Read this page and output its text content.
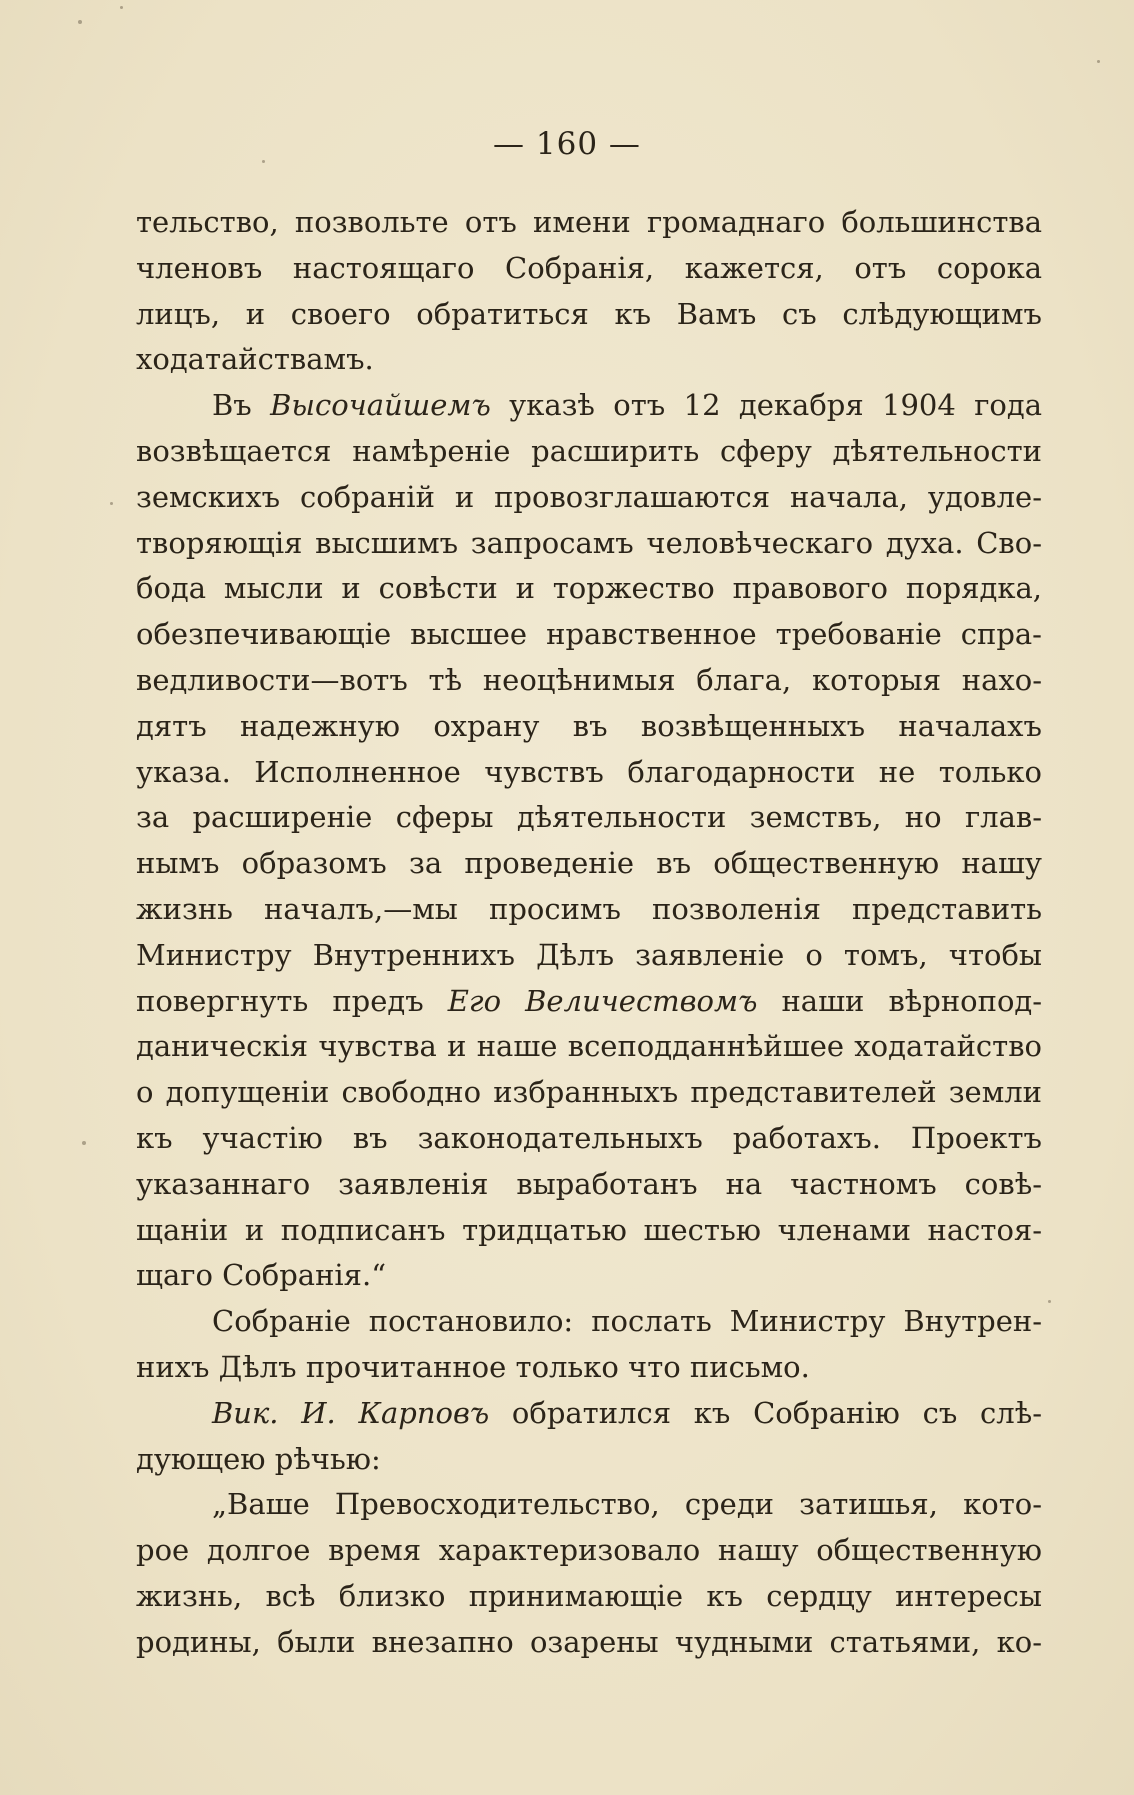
— 160 —
тельство, позвольте отъ имени громаднаго большинства
членовъ настоящаго Собранія, кажется, отъ сорока
лицъ, и своего обратиться къ Вамъ съ слѣдующимъ
ходатайствамъ.
Въ Высочайшемъ указѣ отъ 12 декабря 1904 года
возвѣщается намѣреніе расширить сферу дѣятельности
земскихъ собраній и провозглашаются начала, удовле-
творяющія высшимъ запросамъ человѣческаго духа. Сво-
бода мысли и совѣсти и торжество правового порядка,
обезпечивающіе высшее нравственное требованіе спра-
ведливости—вотъ тѣ неоцѣнимыя блага, которыя нахо-
дятъ надежную охрану въ возвѣщенныхъ началахъ
указа. Исполненное чувствъ благодарности не только
за расширеніе сферы дѣятельности земствъ, но глав-
нымъ образомъ за проведеніе въ общественную нашу
жизнь началъ,—мы просимъ позволенія представить
Министру Внутреннихъ Дѣлъ заявленіе о томъ, чтобы
повергнуть предъ Его Величествомъ наши вѣрнопод-
даническія чувства и наше всеподданнѣйшее ходатайство
о допущеніи свободно избранныхъ представителей земли
къ участію въ законодательныхъ работахъ. Проектъ
указаннаго заявленія выработанъ на частномъ совѣ-
щаніи и подписанъ тридцатью шестью членами настоя-
щаго Собранія.“
Собраніе постановило: послать Министру Внутрен-
нихъ Дѣлъ прочитанное только что письмо.
Вик. И. Карповъ обратился къ Собранію съ слѣ-
дующею рѣчью:
„Ваше Превосходительство, среди затишья, кото-
рое долгое время характеризовало нашу общественную
жизнь, всѣ близко принимающіе къ сердцу интересы
родины, были внезапно озарены чудными статьями, ко-
